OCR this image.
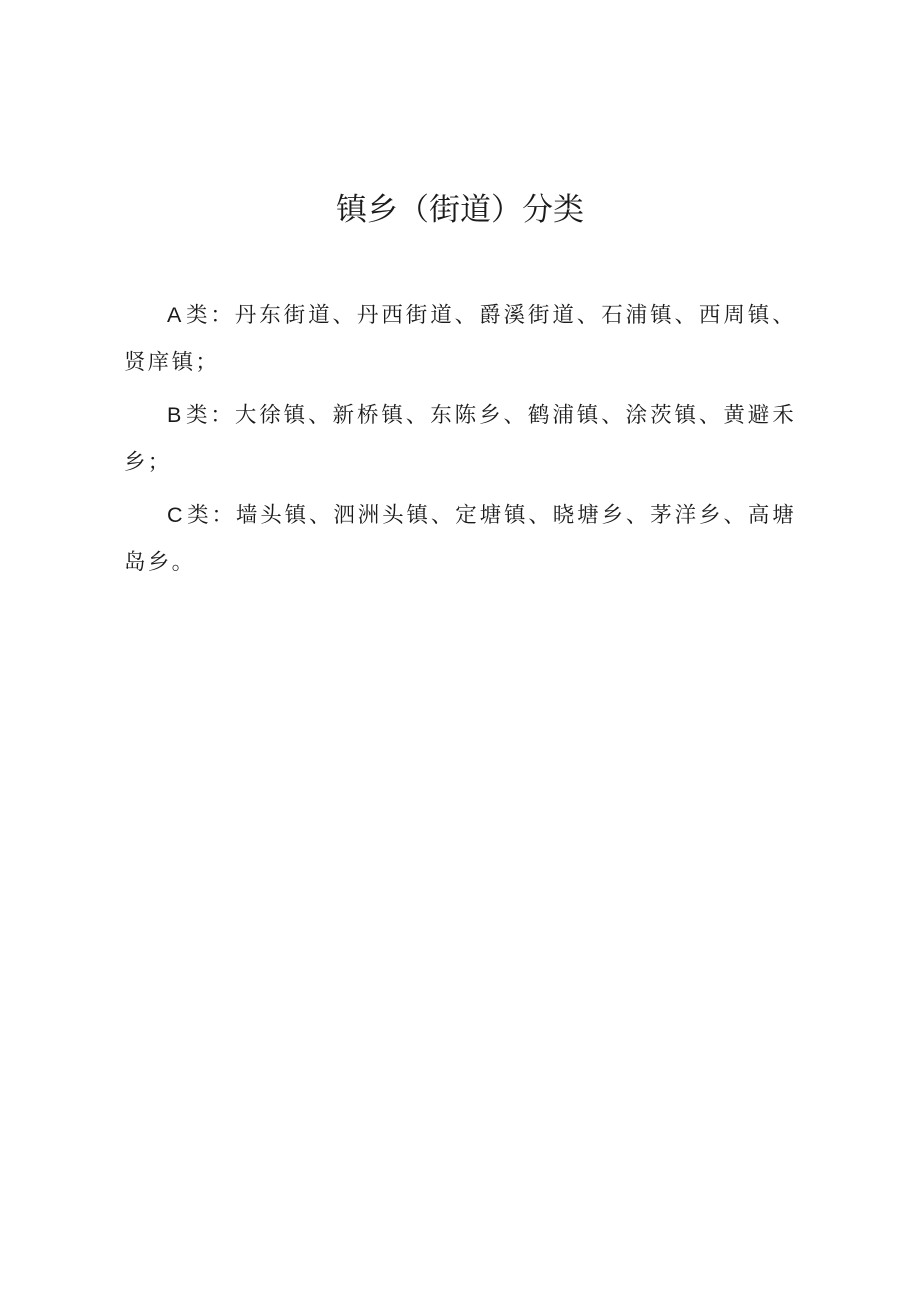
镇乡（街道）分类

A 类：丹东街道、丹西街道、爵溪街道、石浦镇、西周镇、贤庠镇；

B 类：大徐镇、新桥镇、东陈乡、鹤浦镇、涂茨镇、黄避禾乡；

C 类：墙头镇、泗洲头镇、定塘镇、晓塘乡、茅洋乡、高塘岛乡。
